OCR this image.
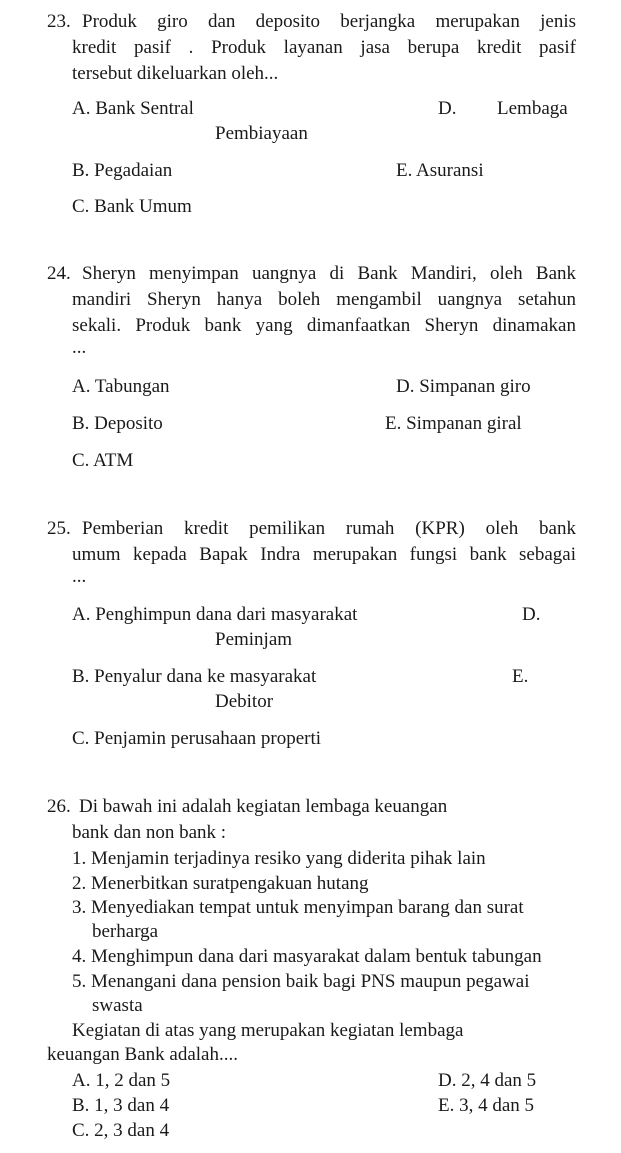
23. Produk giro dan deposito berjangka merupakan jenis
kredit pasif . Produk layanan jasa berupa kredit pasif
tersebut dikeluarkan oleh...
A. Bank Sentral	D. Lembaga
Pembiayaan
B. Pegadaian	E. Asuransi
C. Bank Umum
24. Sheryn menyimpan uangnya di Bank Mandiri, oleh Bank
mandiri Sheryn hanya boleh mengambil uangnya setahun
sekali. Produk bank yang dimanfaatkan Sheryn dinamakan
...
A. Tabungan	D. Simpanan giro
B. Deposito	E. Simpanan giral
C. ATM
25. Pemberian kredit pemilikan rumah (KPR) oleh bank
umum kepada Bapak Indra merupakan fungsi bank sebagai
...
A. Penghimpun dana dari masyarakat	D.
Peminjam
B. Penyalur dana ke masyarakat	E.
Debitor
C. Penjamin perusahaan properti
26. Di bawah ini adalah kegiatan lembaga keuangan
bank dan non bank :
1. Menjamin terjadinya resiko yang diderita pihak lain
2. Menerbitkan suratpengakuan hutang
3. Menyediakan tempat untuk menyimpan barang dan surat
berharga
4. Menghimpun dana dari masyarakat dalam bentuk tabungan
5. Menangani dana pension baik bagi PNS maupun pegawai
swasta
Kegiatan di atas yang merupakan kegiatan lembaga
keuangan Bank adalah....
A. 1, 2 dan 5	D. 2, 4 dan 5
B. 1, 3 dan 4	E. 3, 4 dan 5
C. 2, 3 dan 4
